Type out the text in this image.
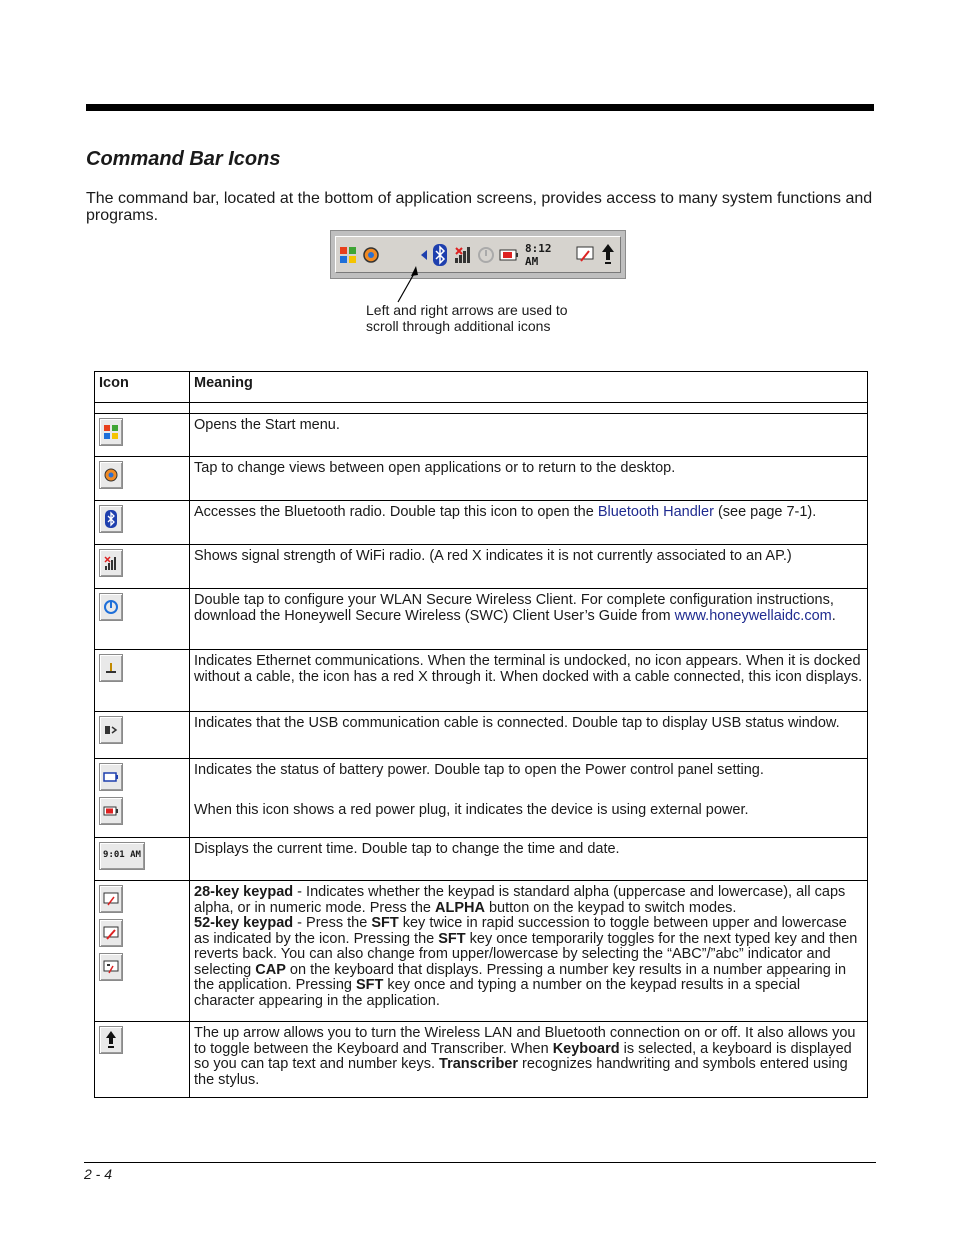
Command Bar Icons

The command bar, located at the bottom of application screens, provides access to many system functions and programs.

8:12 AM

Left and right arrows are used to scroll through additional icons

Icon	Meaning

Opens the Start menu.

Tap to change views between open applications or to return to the desktop.

Accesses the Bluetooth radio. Double tap this icon to open the Bluetooth Handler (see page 7-1).

Shows signal strength of WiFi radio. (A red X indicates it is not currently associated to an AP.)

Double tap to configure your WLAN Secure Wireless Client. For complete configuration instructions, download the Honeywell Secure Wireless (SWC) Client User’s Guide from www.honeywellaidc.com.

Indicates Ethernet communications. When the terminal is undocked, no icon appears. When it is docked without a cable, the icon has a red X through it. When docked with a cable connected, this icon displays.

Indicates that the USB communication cable is connected. Double tap to display USB status window.

Indicates the status of battery power. Double tap to open the Power control panel setting.

When this icon shows a red power plug, it indicates the device is using external power.

9:01 AM	Displays the current time. Double tap to change the time and date.

28-key keypad - Indicates whether the keypad is standard alpha (uppercase and lowercase), all caps alpha, or in numeric mode. Press the ALPHA button on the keypad to switch modes.
52-key keypad - Press the SFT key twice in rapid succession to toggle between upper and lowercase as indicated by the icon. Pressing the SFT key once temporarily toggles for the next typed key and then reverts back. You can also change from upper/lowercase by selecting the “ABC”/”abc” indicator and selecting CAP on the keyboard that displays. Pressing a number key results in a number appearing in the application. Pressing SFT key once and typing a number on the keypad results in a special character appearing in the application.

The up arrow allows you to turn the Wireless LAN and Bluetooth connection on or off. It also allows you to toggle between the Keyboard and Transcriber. When Keyboard is selected, a keyboard is displayed so you can tap text and number keys. Transcriber recognizes handwriting and symbols entered using the stylus.

2 - 4
